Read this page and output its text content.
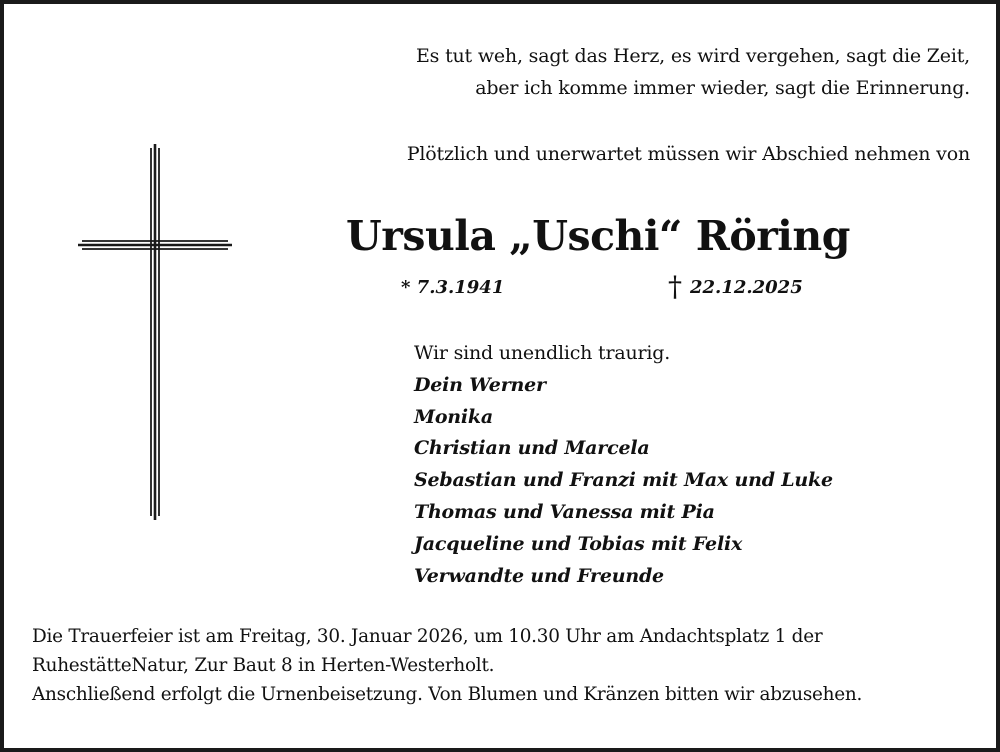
Es tut weh, sagt das Herz, es wird vergehen, sagt die Zeit,
aber ich komme immer wieder, sagt die Erinnerung.
Plötzlich und unerwartet müssen wir Abschied nehmen von
Ursula „Uschi“ Röring
* 7.3.1941	† 22.12.2025
Wir sind unendlich traurig.
Dein Werner
Monika
Christian und Marcela
Sebastian und Franzi mit Max und Luke
Thomas und Vanessa mit Pia
Jacqueline und Tobias mit Felix
Verwandte und Freunde
Die Trauerfeier ist am Freitag, 30. Januar 2026, um 10.30 Uhr am Andachtsplatz 1 der
RuhestätteNatur, Zur Baut 8 in Herten-Westerholt.
Anschließend erfolgt die Urnenbeisetzung. Von Blumen und Kränzen bitten wir abzusehen.
